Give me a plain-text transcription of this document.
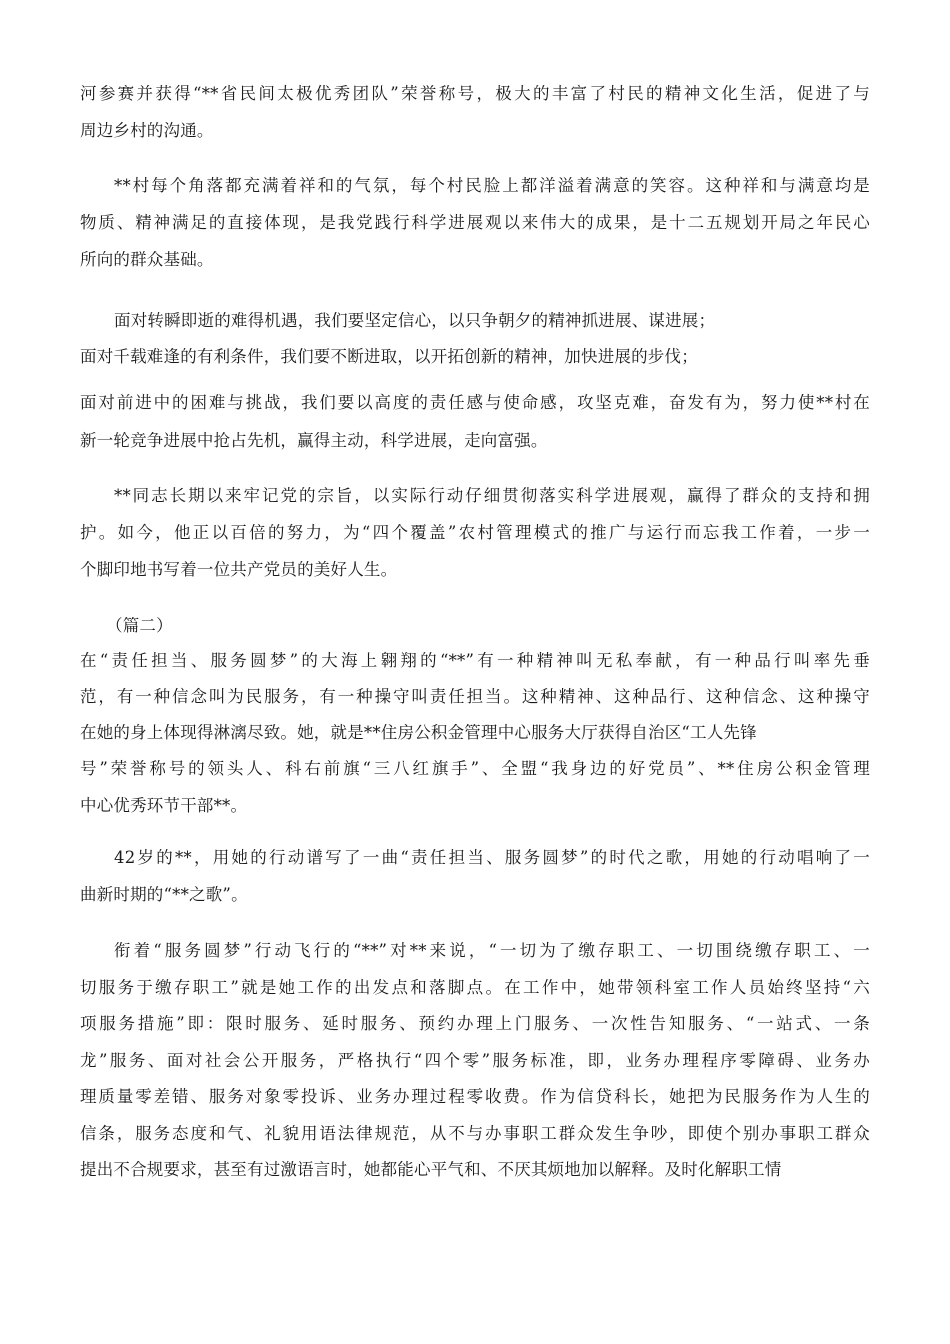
河参赛并获得“**省民间太极优秀团队”荣誉称号，极大的丰富了村民的精神文化生活，促进了与
周边乡村的沟通。
**村每个角落都充满着祥和的气氛，每个村民脸上都洋溢着满意的笑容。这种祥和与满意均是
物质、精神满足的直接体现，是我党践行科学进展观以来伟大的成果，是十二五规划开局之年民心
所向的群众基础。
面对转瞬即逝的难得机遇，我们要坚定信心，以只争朝夕的精神抓进展、谋进展；
面对千载难逢的有利条件，我们要不断进取，以开拓创新的精神，加快进展的步伐；
面对前进中的困难与挑战，我们要以高度的责任感与使命感，攻坚克难，奋发有为，努力使**村在
新一轮竞争进展中抢占先机，赢得主动，科学进展，走向富强。
**同志长期以来牢记党的宗旨，以实际行动仔细贯彻落实科学进展观，赢得了群众的支持和拥
护。如今，他正以百倍的努力，为“四个覆盖”农村管理模式的推广与运行而忘我工作着，一步一
个脚印地书写着一位共产党员的美好人生。
（篇二）
在“责任担当、服务圆梦”的大海上翱翔的“**”有一种精神叫无私奉献，有一种品行叫率先垂
范，有一种信念叫为民服务，有一种操守叫责任担当。这种精神、这种品行、这种信念、这种操守
在她的身上体现得淋漓尽致。她，就是**住房公积金管理中心服务大厅获得自治区“工人先锋
号”荣誉称号的领头人、科右前旗“三八红旗手”、全盟“我身边的好党员”、**住房公积金管理
中心优秀环节干部**。
42岁的**，用她的行动谱写了一曲“责任担当、服务圆梦”的时代之歌，用她的行动唱响了一
曲新时期的“**之歌”。
衔着“服务圆梦”行动飞行的“**”对**来说，“一切为了缴存职工、一切围绕缴存职工、一
切服务于缴存职工”就是她工作的出发点和落脚点。在工作中，她带领科室工作人员始终坚持“六
项服务措施”即：限时服务、延时服务、预约办理上门服务、一次性告知服务、“一站式、一条
龙”服务、面对社会公开服务，严格执行“四个零”服务标准，即，业务办理程序零障碍、业务办
理质量零差错、服务对象零投诉、业务办理过程零收费。作为信贷科长，她把为民服务作为人生的
信条，服务态度和气、礼貌用语法律规范，从不与办事职工群众发生争吵，即使个别办事职工群众
提出不合规要求，甚至有过激语言时，她都能心平气和、不厌其烦地加以解释。及时化解职工情
